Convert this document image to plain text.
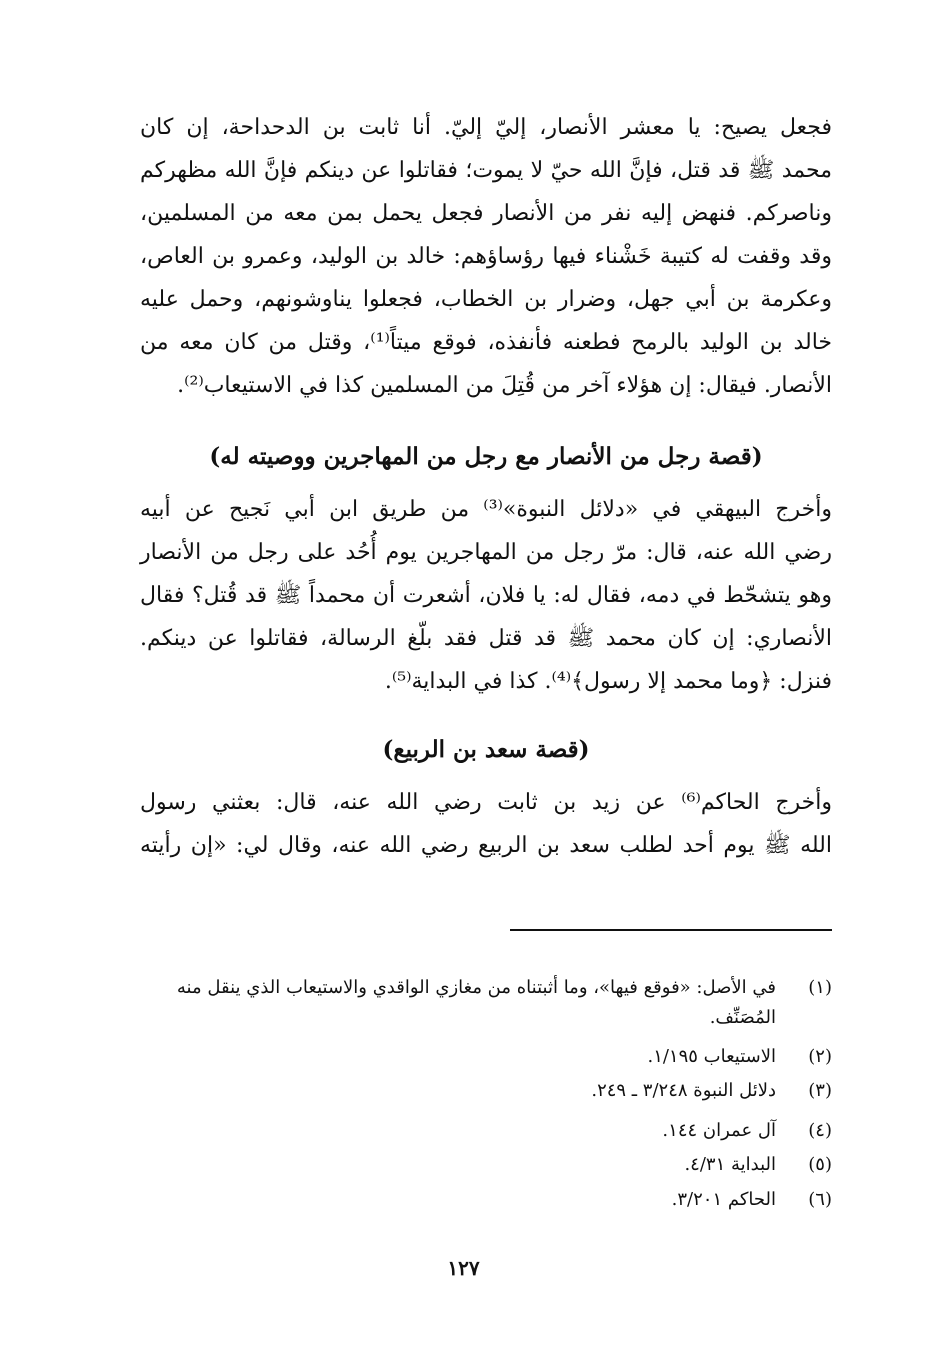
فجعل يصيح: يا معشر الأنصار، إليّ إليّ. أنا ثابت بن الدحداحة، إن كان
محمد ﷺ قد قتل، فإنَّ الله حيّ لا يموت؛ فقاتلوا عن دينكم فإنَّ الله مظهركم
وناصركم. فنهض إليه نفر من الأنصار فجعل يحمل بمن معه من المسلمين،
وقد وقفت له كتيبة خَشْناء فيها رؤساؤهم: خالد بن الوليد، وعمرو بن العاص،
وعكرمة بن أبي جهل، وضرار بن الخطاب، فجعلوا يناوشونهم، وحمل عليه
خالد بن الوليد بالرمح فطعنه فأنفذه، فوقع ميتاً⁽¹⁾، وقتل من كان معه من
الأنصار. فيقال: إن هؤلاء آخر من قُتِلَ من المسلمين كذا في الاستيعاب⁽²⁾.
(قصة رجل من الأنصار مع رجل من المهاجرين ووصيته له)
وأخرج البيهقي في «دلائل النبوة»⁽³⁾ من طريق ابن أبي نَجيح عن أبيه
رضي الله عنه، قال: مرّ رجل من المهاجرين يوم أُحُد على رجل من الأنصار
وهو يتشحّط في دمه، فقال له: يا فلان، أشعرت أن محمداً ﷺ قد قُتل؟ فقال
الأنصاري: إن كان محمد ﷺ قد قتل فقد بلّغ الرسالة، فقاتلوا عن دينكم.
فنزل: ﴿وما محمد إلا رسول﴾⁽⁴⁾. كذا في البداية⁽⁵⁾.
(قصة سعد بن الربيع)
وأخرج الحاكم⁽⁶⁾ عن زيد بن ثابت رضي الله عنه، قال: بعثني رسول
الله ﷺ يوم أحد لطلب سعد بن الربيع رضي الله عنه، وقال لي: «إن رأيته
(١)في الأصل: «فوقع فيها»، وما أثبتناه من مغازي الواقدي والاستيعاب الذي ينقل منه
المُصَنِّف.
(٢)الاستيعاب ١/١٩٥.
(٣)دلائل النبوة ٣/٢٤٨ ـ ٢٤٩.
(٤)آل عمران ١٤٤.
(٥)البداية ٤/٣١.
(٦)الحاكم ٣/٢٠١.
١٢٧
